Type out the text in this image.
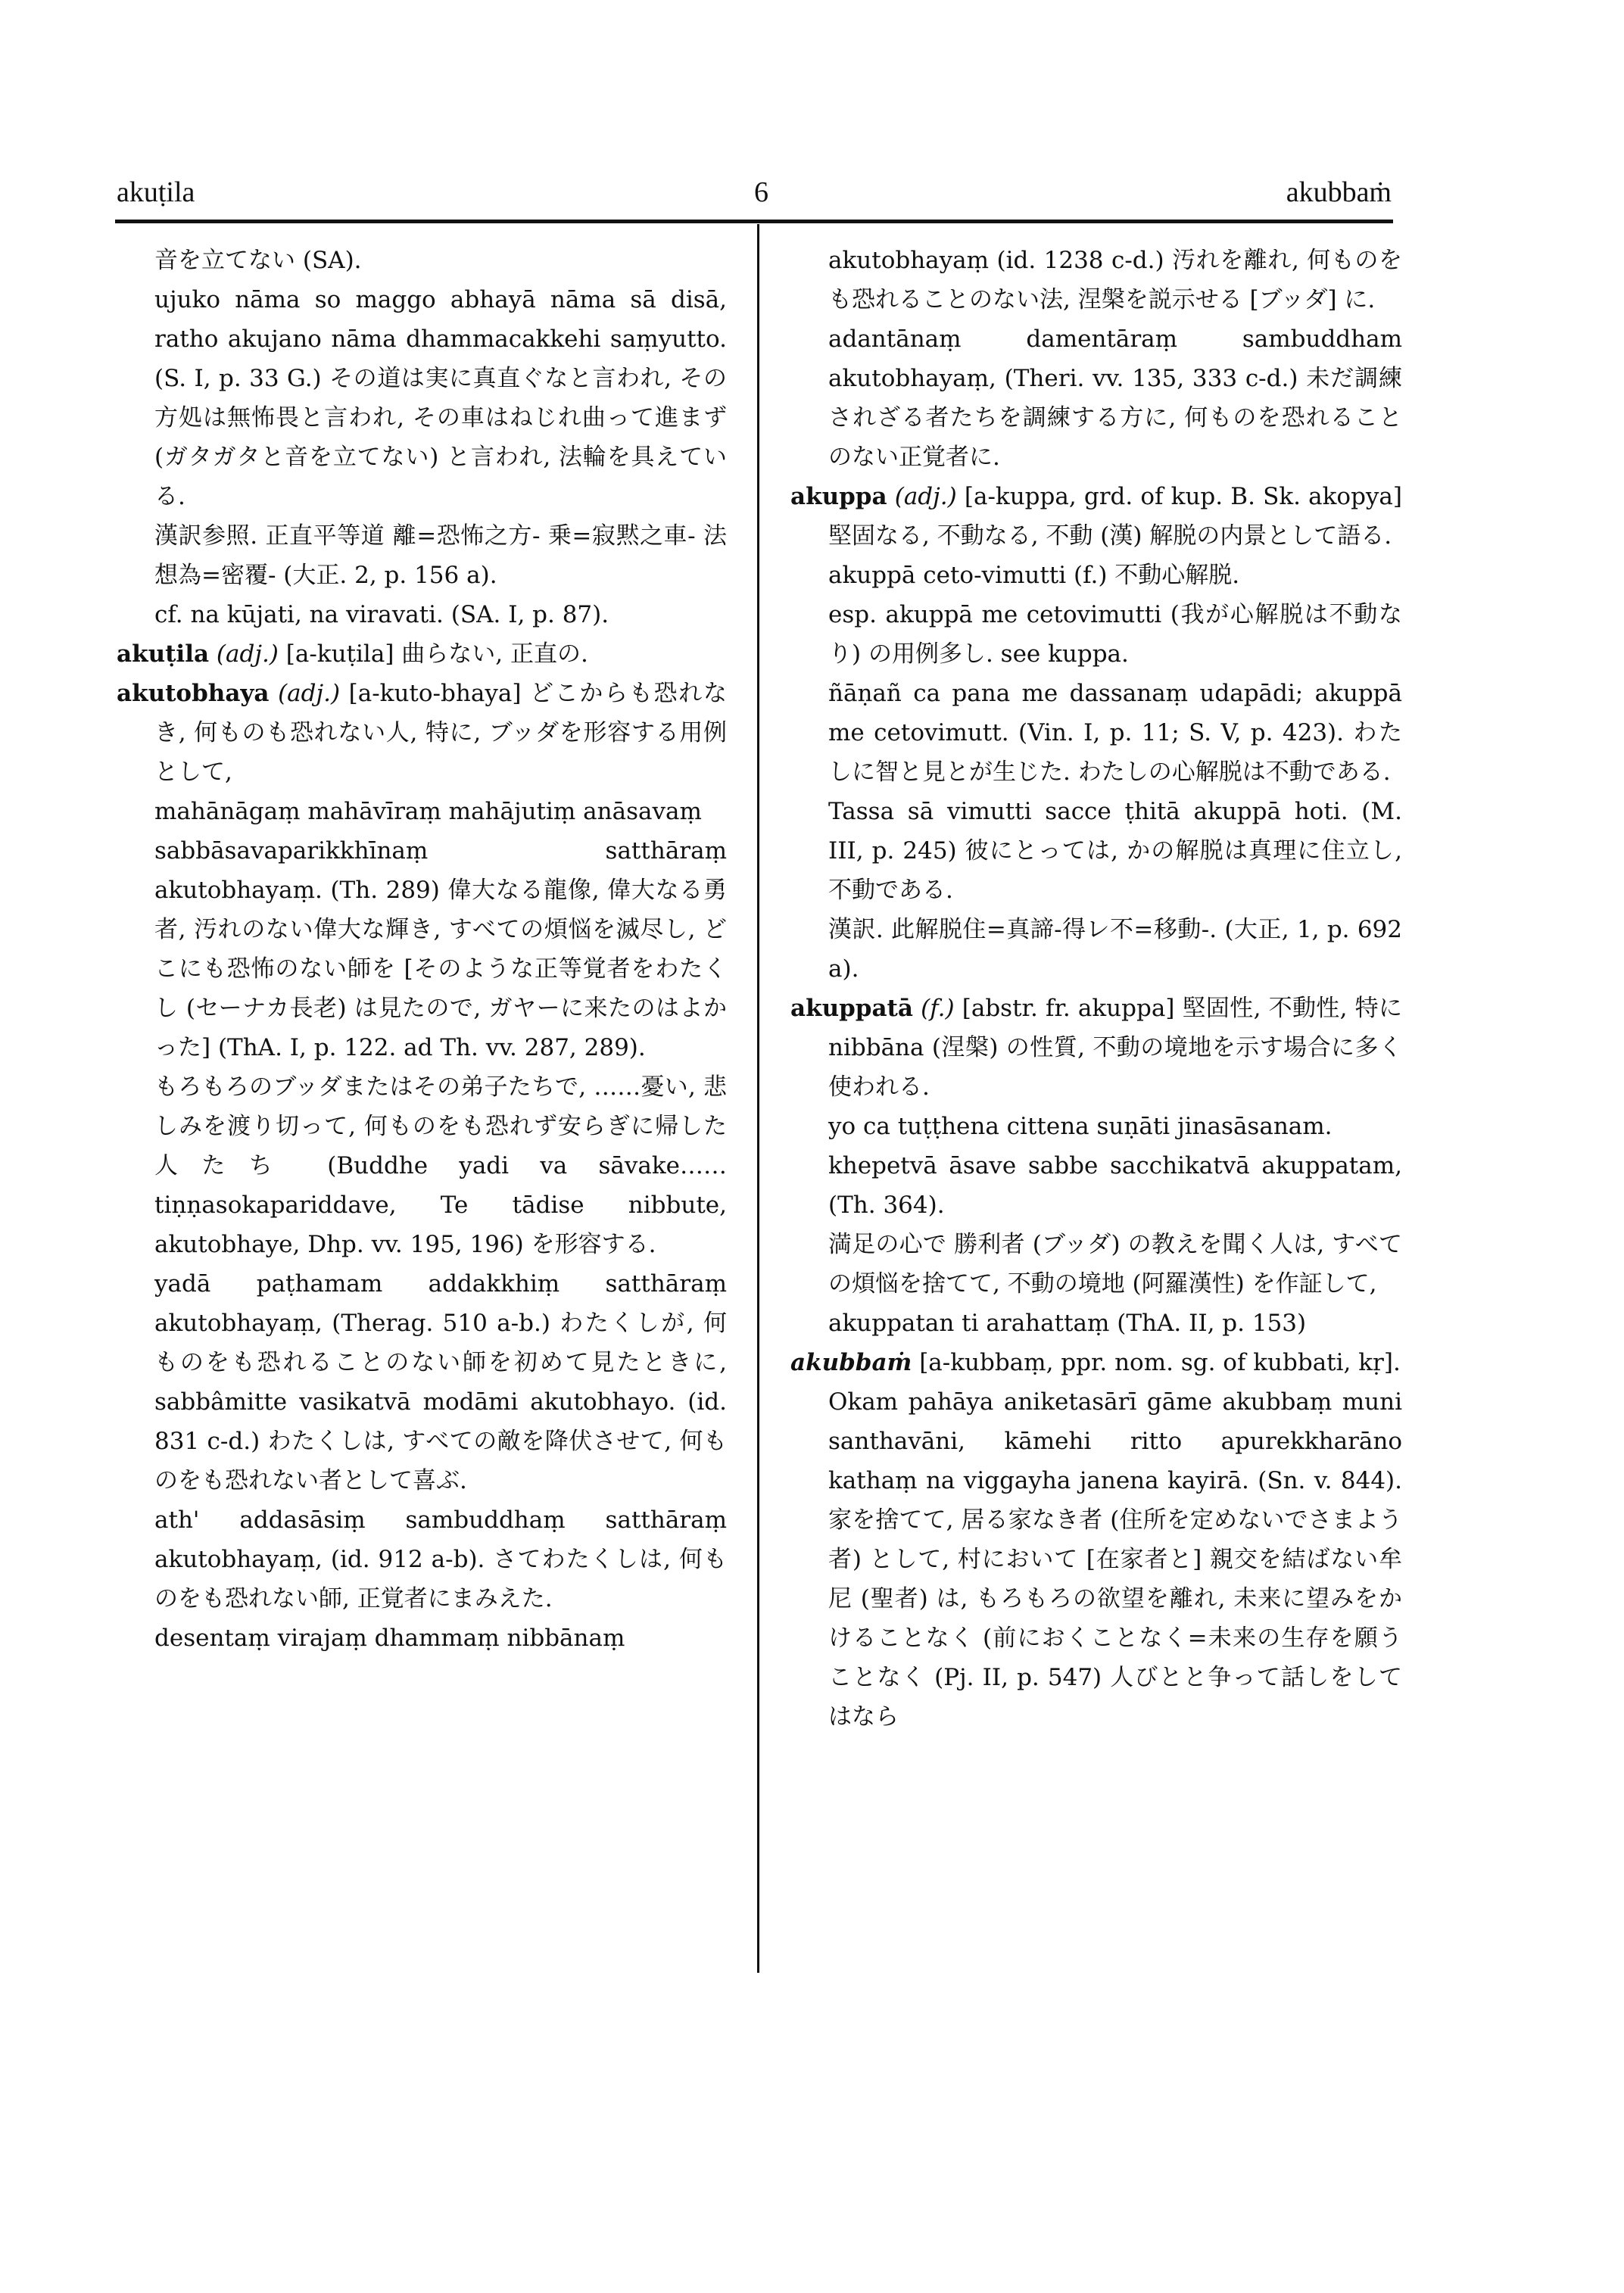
akuṭila	6	akubbaṁ

音を立てない (SA).

ujuko nāma so maggo abhayā nāma sā disā, ratho akujano nāma dhammacakkehi saṃyutto. (S. I, p. 33 G.) その道は実に真直ぐなと言われ, その方処は無怖畏と言われ, その車はねじれ曲って進まず (ガタガタと音を立てない) と言われ, 法輪を具えている.

漢訳参照. 正直平等道 離=恐怖之方- 乗=寂黙之車- 法想為=密覆- (大正. 2, p. 156 a).

cf. na kūjati, na viravati. (SA. I, p. 87).

akuṭila (adj.) [a-kuṭila] 曲らない, 正直の.

akutobhaya (adj.) [a-kuto-bhaya] どこからも恐れなき, 何ものも恐れない人, 特に, ブッダを形容する用例として,

mahānāgaṃ mahāvīraṃ mahājutiṃ anāsavaṃ

sabbāsavaparikkhīnaṃ satthāraṃ akutobhayaṃ. (Th. 289) 偉大なる龍像, 偉大なる勇者, 汚れのない偉大な輝き, すべての煩悩を滅尽し, どこにも恐怖のない師を [そのような正等覚者をわたくし (セーナカ長老) は見たので, ガヤーに来たのはよかった] (ThA. I, p. 122. ad Th. vv. 287, 289).

もろもろのブッダまたはその弟子たちで, ……憂い, 悲しみを渡り切って, 何ものをも恐れず安らぎに帰した人たち (Buddhe yadi va sāvake……tiṇṇasokapariddave, Te tādise nibbute, akutobhaye, Dhp. vv. 195, 196) を形容する.

yadā paṭhamam addakkhiṃ satthāraṃ akutobhayaṃ, (Therag. 510 a-b.) わたくしが, 何ものをも恐れることのない師を初めて見たときに, sabbâmitte vasikatvā modāmi akutobhayo. (id. 831 c-d.) わたくしは, すべての敵を降伏させて, 何ものをも恐れない者として喜ぶ.

ath' addasāsiṃ sambuddhaṃ satthāraṃ akutobhayaṃ, (id. 912 a-b). さてわたくしは, 何ものをも恐れない師, 正覚者にまみえた.

desentaṃ virajaṃ dhammaṃ nibbānaṃ

akutobhayaṃ (id. 1238 c-d.) 汚れを離れ, 何ものをも恐れることのない法, 涅槃を説示せる [ブッダ] に.

adantānaṃ damentāraṃ sambuddham akutobhayaṃ, (Theri. vv. 135, 333 c-d.) 未だ調練されざる者たちを調練する方に, 何ものを恐れることのない正覚者に.

akuppa (adj.) [a-kuppa, grd. of kup. B. Sk. akopya] 堅固なる, 不動なる, 不動 (漢) 解脱の内景として語る.

akuppā ceto-vimutti (f.) 不動心解脱.

esp. akuppā me cetovimutti (我が心解脱は不動なり) の用例多し. see kuppa.

ñāṇañ ca pana me dassanaṃ udapādi; akuppā me cetovimutt. (Vin. I, p. 11; S. V, p. 423). わたしに智と見とが生じた. わたしの心解脱は不動である.

Tassa sā vimutti sacce ṭhitā akuppā hoti. (M. III, p. 245) 彼にとっては, かの解脱は真理に住立し, 不動である.

漢訳. 此解脱住=真諦-得レ不=移動-. (大正, 1, p. 692 a).

akuppatā (f.) [abstr. fr. akuppa] 堅固性, 不動性, 特に nibbāna (涅槃) の性質, 不動の境地を示す場合に多く使われる.

yo ca tuṭṭhena cittena suṇāti jinasāsanam.

khepetvā āsave sabbe sacchikatvā akuppatam, (Th. 364).

満足の心で 勝利者 (ブッダ) の教えを聞く人は, すべての煩悩を捨てて, 不動の境地 (阿羅漢性) を作証して,

akuppatan ti arahattaṃ (ThA. II, p. 153)

akubbaṁ [a-kubbaṃ, ppr. nom. sg. of kubbati, kṛ].

Okam pahāya aniketasārī gāme akubbaṃ muni santhavāni, kāmehi ritto apurekkharāno kathaṃ na viggayha janena kayirā. (Sn. v. 844). 家を捨てて, 居る家なき者 (住所を定めないでさまよう者) として, 村において [在家者と] 親交を結ばない牟尼 (聖者) は, もろもろの欲望を離れ, 未来に望みをかけることなく (前におくことなく=未来の生存を願うことなく (Pj. II, p. 547) 人びとと争って話しをしてはなら
